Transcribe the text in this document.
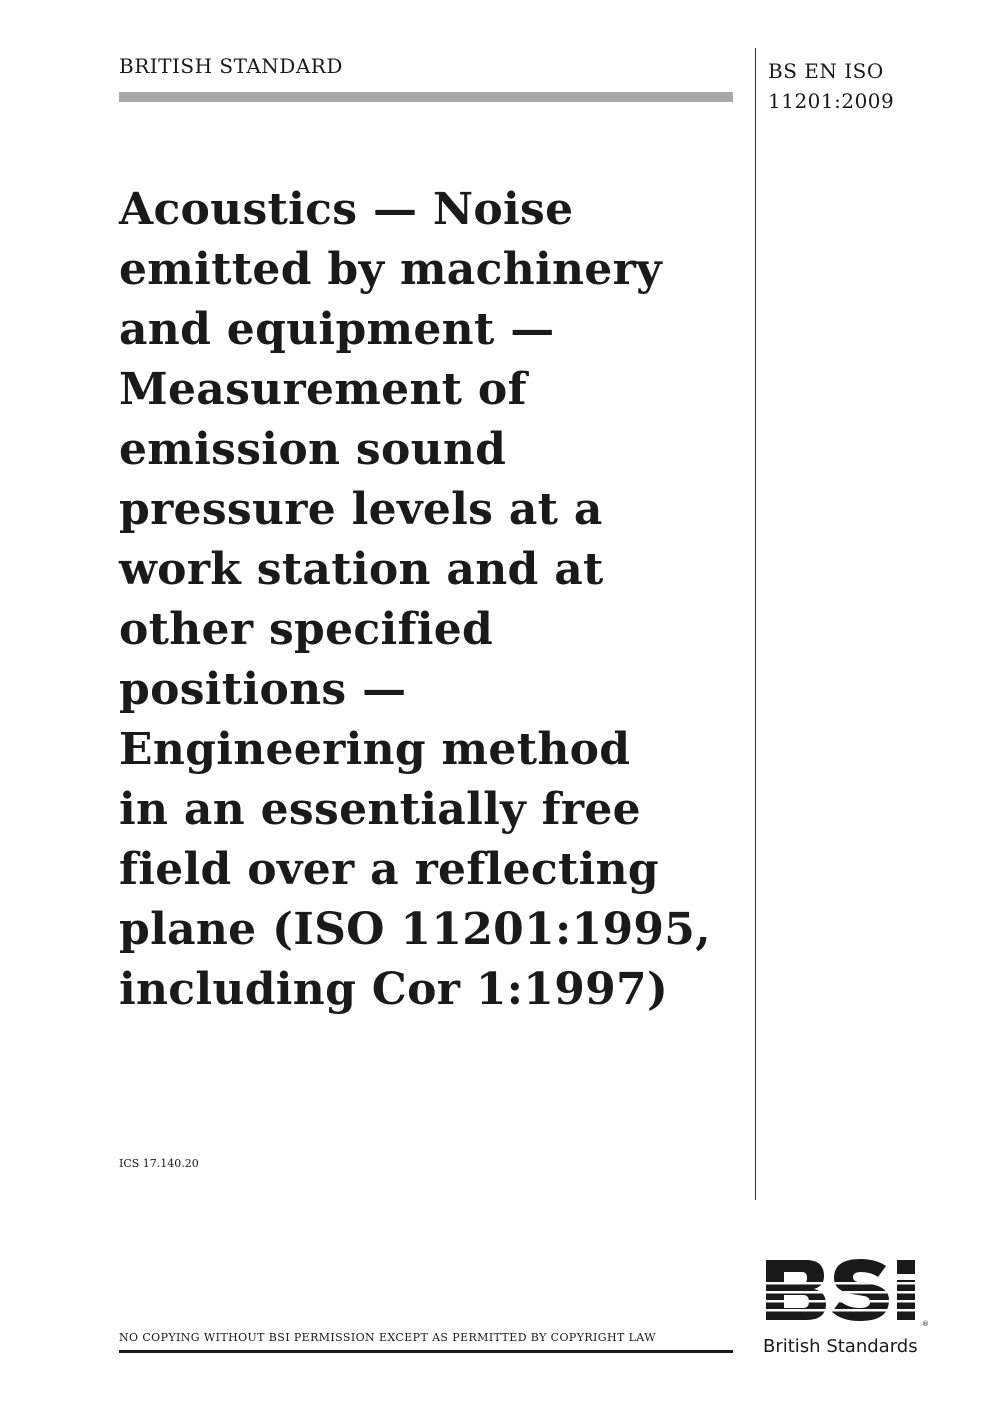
BRITISH STANDARD	BS EN ISO
11201:2009
Acoustics — Noise
emitted by machinery
and equipment —
Measurement of
emission sound
pressure levels at a
work station and at
other specified
positions —
Engineering method
in an essentially free
field over a reflecting
plane (ISO 11201:1995,
including Cor 1:1997)
ICS 17.140.20
NO COPYING WITHOUT BSI PERMISSION EXCEPT AS PERMITTED BY COPYRIGHT LAW
®
British Standards
